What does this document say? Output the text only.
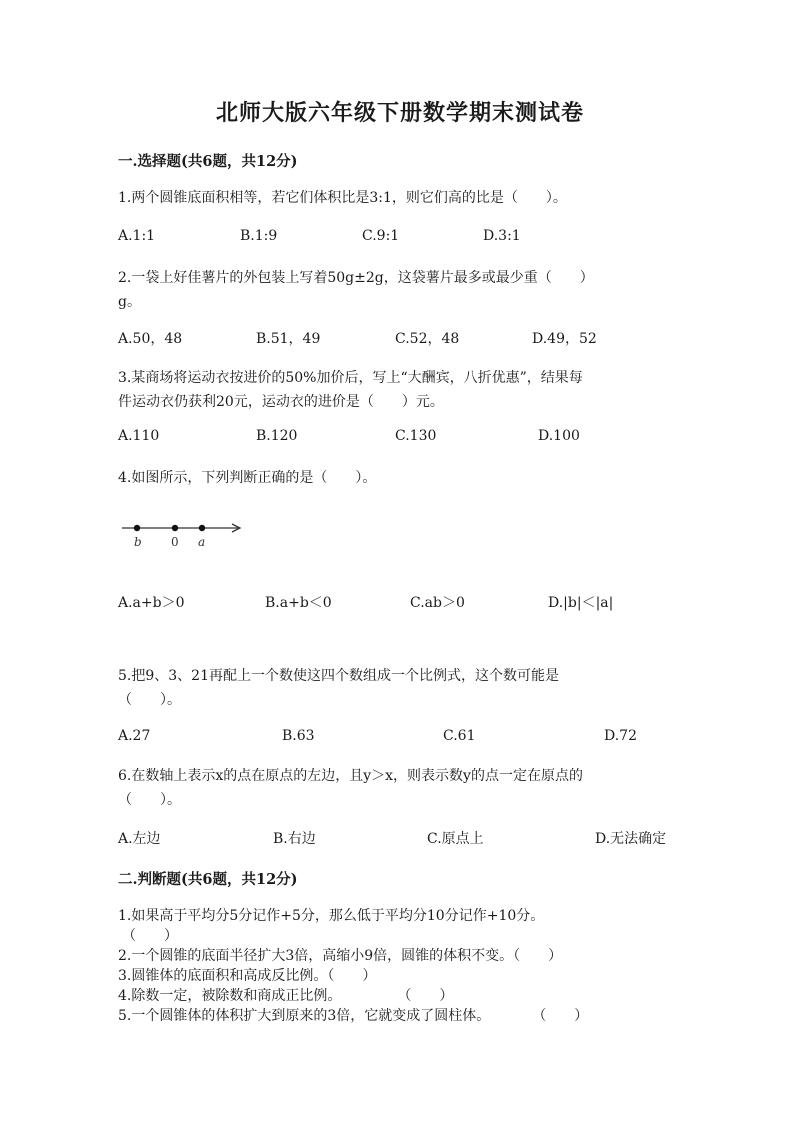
北师大版六年级下册数学期末测试卷
一.选择题(共6题，共12分)
1.两个圆锥底面积相等，若它们体积比是3:1，则它们高的比是（　　）。
A.1:1	B.1:9	C.9:1	D.3:1
2.一袋上好佳薯片的外包装上写着50g±2g，这袋薯片最多或最少重（　　）
g。
A.50，48	B.51，49	C.52，48	D.49，52
3.某商场将运动衣按进价的50%加价后，写上“大酬宾，八折优惠”，结果每
件运动衣仍获利20元，运动衣的进价是（　　）元。
A.110	B.120	C.130	D.100
4.如图所示，下列判断正确的是（　　）。
b 0 a
A.a+b＞0	B.a+b＜0	C.ab＞0	D.|b|＜|a|
5.把9、3、21再配上一个数使这四个数组成一个比例式，这个数可能是
（　　）。
A.27	B.63	C.61	D.72
6.在数轴上表示x的点在原点的左边，且y＞x，则表示数y的点一定在原点的
（　　）。
A.左边	B.右边	C.原点上	D.无法确定
二.判断题(共6题，共12分)
1.如果高于平均分5分记作+5分，那么低于平均分10分记作+10分。
（　　）
2.一个圆锥的底面半径扩大3倍，高缩小9倍，圆锥的体积不变。（　　）
3.圆锥体的底面积和高成反比例。（　　）
4.除数一定，被除数和商成正比例。　　　　　（　　）
5.一个圆锥体的体积扩大到原来的3倍，它就变成了圆柱体。　　　　（　　）
